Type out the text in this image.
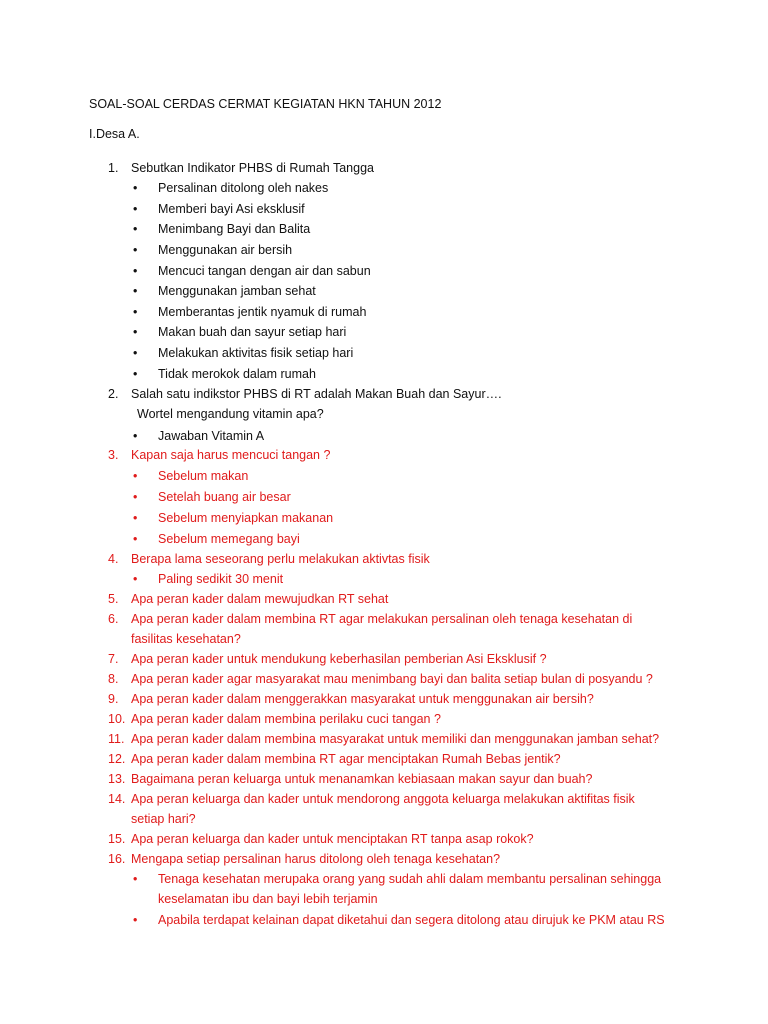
SOAL-SOAL CERDAS CERMAT KEGIATAN HKN TAHUN 2012
I.Desa A.
1. Sebutkan Indikator PHBS di Rumah Tangga
• Persalinan ditolong oleh nakes
• Memberi bayi Asi eksklusif
• Menimbang Bayi dan Balita
• Menggunakan air bersih
• Mencuci tangan dengan air dan sabun
• Menggunakan jamban sehat
• Memberantas jentik nyamuk di rumah
• Makan buah dan sayur setiap hari
• Melakukan aktivitas fisik setiap hari
• Tidak merokok dalam rumah
2. Salah satu indikstor PHBS di RT adalah Makan Buah dan Sayur….
Wortel mengandung vitamin apa?
• Jawaban Vitamin A
3. Kapan saja harus mencuci tangan ?
• Sebelum makan
• Setelah buang air besar
• Sebelum menyiapkan makanan
• Sebelum memegang bayi
4. Berapa lama seseorang perlu melakukan aktivtas fisik
• Paling sedikit 30 menit
5. Apa peran kader dalam mewujudkan RT sehat
6. Apa peran kader dalam membina RT agar melakukan persalinan oleh tenaga kesehatan di
fasilitas kesehatan?
7. Apa peran kader untuk mendukung keberhasilan pemberian Asi Eksklusif ?
8. Apa peran kader agar masyarakat mau menimbang bayi dan balita setiap bulan di posyandu ?
9. Apa peran kader dalam menggerakkan masyarakat untuk menggunakan air bersih?
10. Apa peran kader dalam membina perilaku cuci tangan ?
11. Apa peran kader dalam membina masyarakat untuk memiliki dan menggunakan jamban sehat?
12. Apa peran kader dalam membina RT agar menciptakan Rumah Bebas jentik?
13. Bagaimana peran keluarga untuk menanamkan kebiasaan makan sayur dan buah?
14. Apa peran keluarga dan kader untuk mendorong anggota keluarga melakukan aktifitas fisik
setiap hari?
15. Apa peran keluarga dan kader untuk menciptakan RT tanpa asap rokok?
16. Mengapa setiap persalinan harus ditolong oleh tenaga kesehatan?
• Tenaga kesehatan merupaka orang yang sudah ahli dalam membantu persalinan sehingga
keselamatan ibu dan bayi lebih terjamin
• Apabila terdapat kelainan dapat diketahui dan segera ditolong atau dirujuk ke PKM atau RS
